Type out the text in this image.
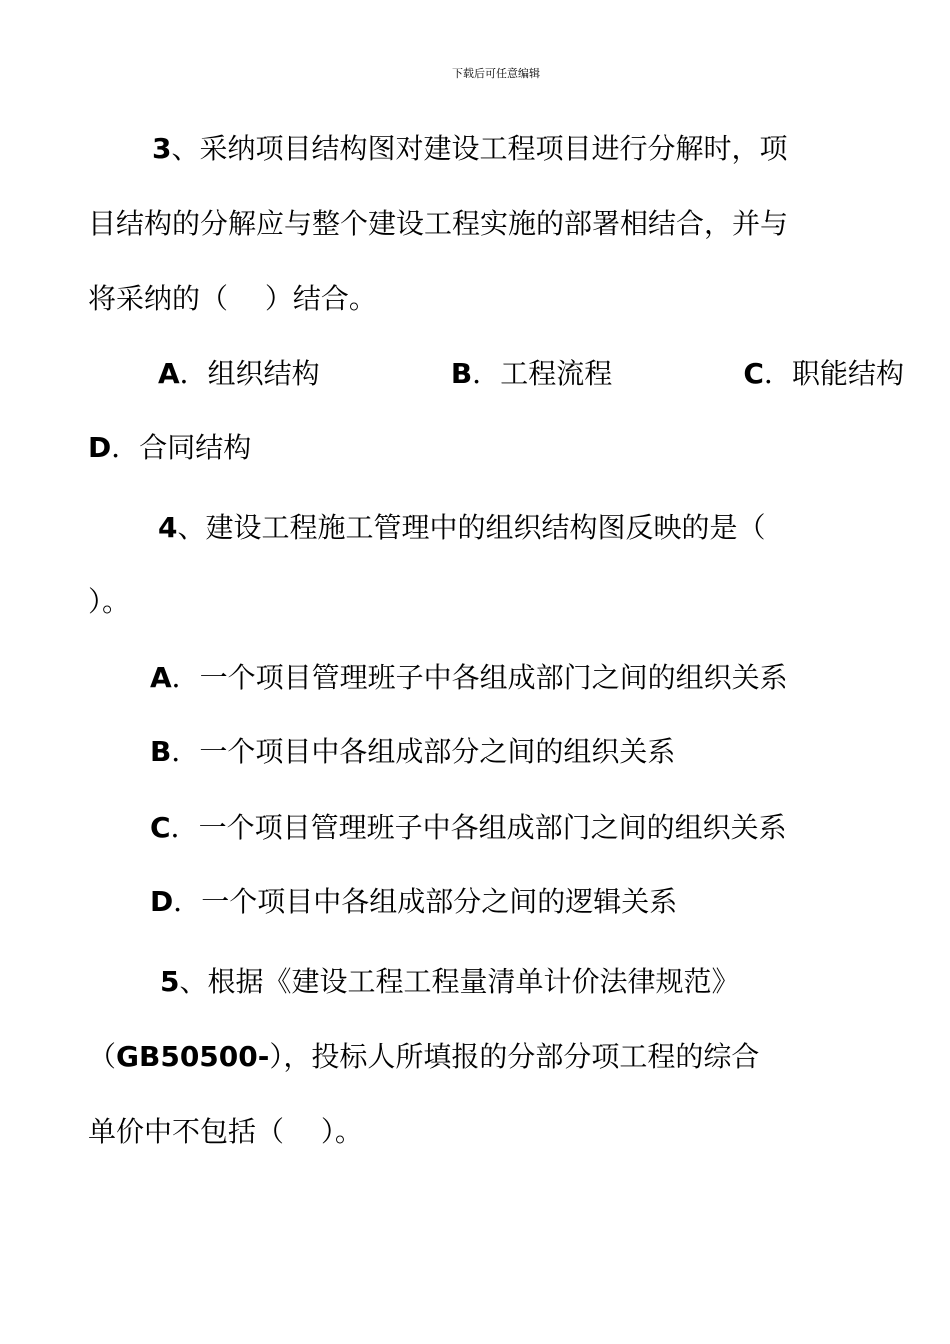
下载后可任意编辑
3、采纳项目结构图对建设工程项目进行分解时，项
目结构的分解应与整个建设工程实施的部署相结合，并与
将采纳的（　 ）结合。
A．组织结构	B．工程流程	C．职能结构
D．合同结构
4、建设工程施工管理中的组织结构图反映的是（
）。
A．一个项目管理班子中各组成部门之间的组织关系
B．一个项目中各组成部分之间的组织关系
C．一个项目管理班子中各组成部门之间的组织关系
D．一个项目中各组成部分之间的逻辑关系
5、根据《建设工程工程量清单计价法律规范》
（GB50500-），投标人所填报的分部分项工程的综合
单价中不包括（　 ）。
